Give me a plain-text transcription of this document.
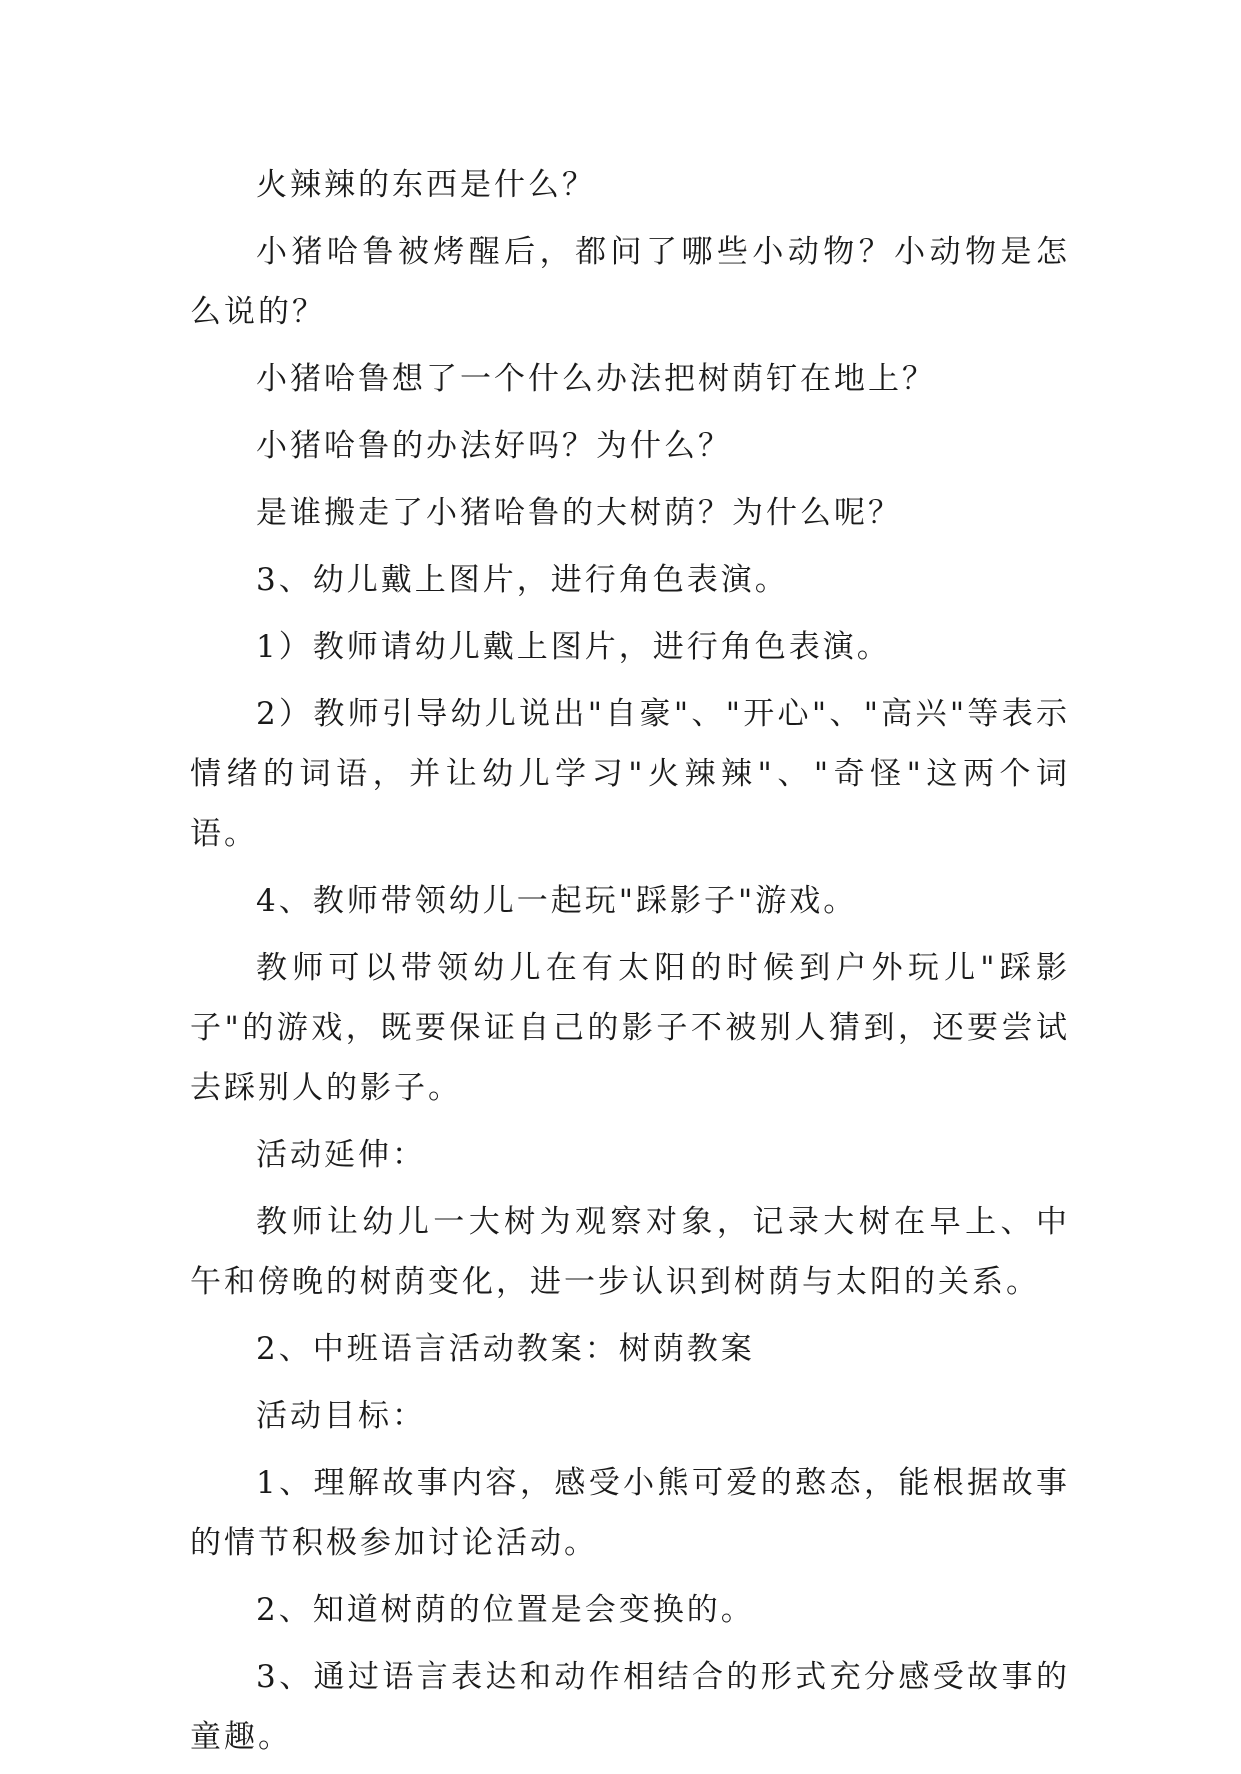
火辣辣的东西是什么？

小猪哈鲁被烤醒后，都问了哪些小动物？小动物是怎么说的？

小猪哈鲁想了一个什么办法把树荫钉在地上？

小猪哈鲁的办法好吗？为什么？

是谁搬走了小猪哈鲁的大树荫？为什么呢？

3、幼儿戴上图片，进行角色表演。

1）教师请幼儿戴上图片，进行角色表演。

2）教师引导幼儿说出"自豪"、"开心"、"高兴"等表示情绪的词语，并让幼儿学习"火辣辣"、"奇怪"这两个词语。

4、教师带领幼儿一起玩"踩影子"游戏。

教师可以带领幼儿在有太阳的时候到户外玩儿"踩影子"的游戏，既要保证自己的影子不被别人猜到，还要尝试去踩别人的影子。

活动延伸：

教师让幼儿一大树为观察对象，记录大树在早上、中午和傍晚的树荫变化，进一步认识到树荫与太阳的关系。

2、中班语言活动教案：树荫教案

活动目标：

1、理解故事内容，感受小熊可爱的憨态，能根据故事的情节积极参加讨论活动。

2、知道树荫的位置是会变换的。

3、通过语言表达和动作相结合的形式充分感受故事的童趣。
